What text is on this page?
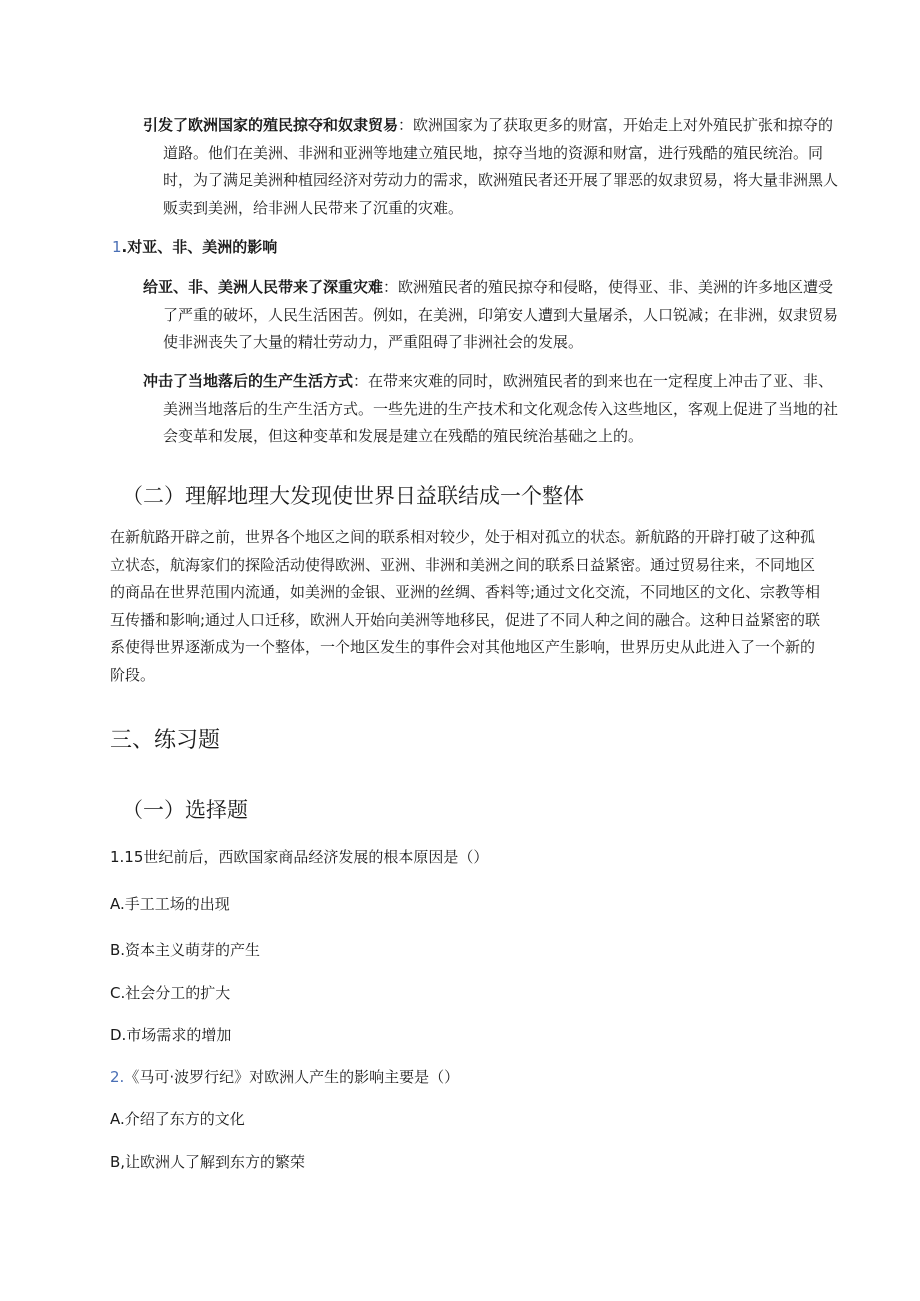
引发了欧洲国家的殖民掠夺和奴隶贸易：欧洲国家为了获取更多的财富，开始走上对外殖民扩张和掠夺的道路。他们在美洲、非洲和亚洲等地建立殖民地，掠夺当地的资源和财富，进行残酷的殖民统治。同时，为了满足美洲种植园经济对劳动力的需求，欧洲殖民者还开展了罪恶的奴隶贸易，将大量非洲黑人贩卖到美洲，给非洲人民带来了沉重的灾难。
1.对亚、非、美洲的影响
给亚、非、美洲人民带来了深重灾难：欧洲殖民者的殖民掠夺和侵略，使得亚、非、美洲的许多地区遭受了严重的破坏，人民生活困苦。例如，在美洲，印第安人遭到大量屠杀，人口锐减；在非洲，奴隶贸易使非洲丧失了大量的精壮劳动力，严重阻碍了非洲社会的发展。
冲击了当地落后的生产生活方式：在带来灾难的同时，欧洲殖民者的到来也在一定程度上冲击了亚、非、美洲当地落后的生产生活方式。一些先进的生产技术和文化观念传入这些地区，客观上促进了当地的社会变革和发展，但这种变革和发展是建立在残酷的殖民统治基础之上的。
（二）理解地理大发现使世界日益联结成一个整体
在新航路开辟之前，世界各个地区之间的联系相对较少，处于相对孤立的状态。新航路的开辟打破了这种孤立状态，航海家们的探险活动使得欧洲、亚洲、非洲和美洲之间的联系日益紧密。通过贸易往来，不同地区的商品在世界范围内流通，如美洲的金银、亚洲的丝绸、香料等;通过文化交流，不同地区的文化、宗教等相互传播和影响;通过人口迁移，欧洲人开始向美洲等地移民，促进了不同人种之间的融合。这种日益紧密的联系使得世界逐渐成为一个整体，一个地区发生的事件会对其他地区产生影响，世界历史从此进入了一个新的阶段。
三、练习题
（一）选择题
1.15世纪前后，西欧国家商品经济发展的根本原因是（）
A.手工工场的出现
B.资本主义萌芽的产生
C.社会分工的扩大
D.市场需求的增加
2.《马可·波罗行纪》对欧洲人产生的影响主要是（）
A.介绍了东方的文化
B,让欧洲人了解到东方的繁荣
